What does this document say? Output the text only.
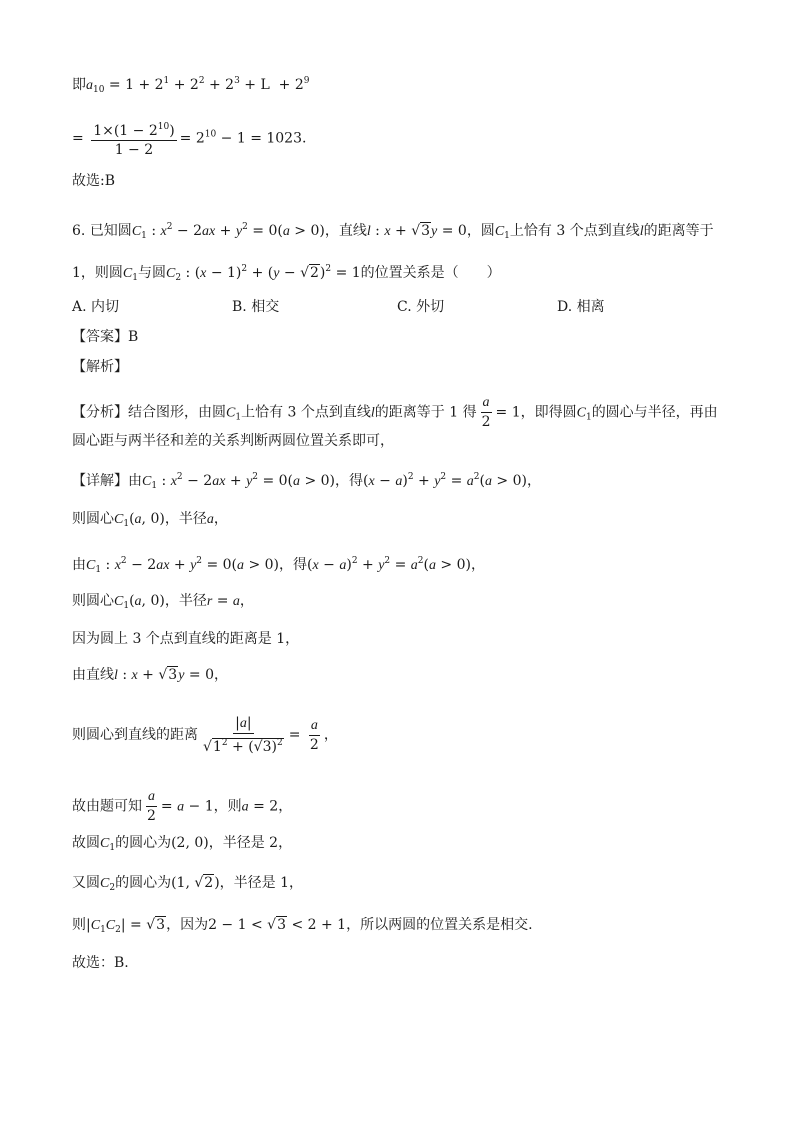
即$a_{10} = 1 + 2^1 + 2^2 + 2^3 + L + 2^9$
= $\frac{1\times(1 - 2^{10})}{1 - 2} = 2^{10} - 1 = 1023$.
故选:B
6. 已知圆$C_1$ : $x^2 - 2ax + y^2 = 0(a > 0)$，直线l : x + √3y = 0，圆$C_1$上恰有 3 个点到直线l的距离等于
1，则圆$C_1$与圆$C_2$ : $(x - 1)^2 + (y - √2)^2 = 1$的位置关系是（　　）
A. 内切	B. 相交	C. 外切	D. 相离
【答案】B
【解析】
【分析】结合图形，由圆$C_1$上恰有 3 个点到直线l的距离等于 1 得 $\frac{a}{2} = 1$，即得圆$C_1$的圆心与半径，再由
圆心距与两半径和差的关系判断两圆位置关系即可，
【详解】由$C_1$ : $x^2 - 2ax + y^2 = 0(a > 0)$，得$(x - a)^2 + y^2 = a^2(a > 0)$，
则圆心$C_1(a$, 0)，半径a，
由$C_1$ : $x^2 - 2ax + y^2 = 0(a > 0)$，得$(x - a)^2 + y^2 = a^2(a > 0)$，
则圆心$C_1(a$, 0)，半径r = a，
因为圆上 3 个点到直线的距离是 1，
由直线l : x + √3y = 0，
则圆心到直线的距离 $\frac{|a|}{√1^2 + (√3)^2} = \frac{a}{2}$ ，
故由题可知 $\frac{a}{2} = a - 1$，则a = 2，
故圆$C_1$的圆心为(2, 0)，半径是 2，
又圆$C_2$的圆心为(1, √2)，半径是 1，
则$|C_1C_2| = √3$，因为2 − 1 < √3 < 2 + 1，所以两圆的位置关系是相交.
故选：B.
